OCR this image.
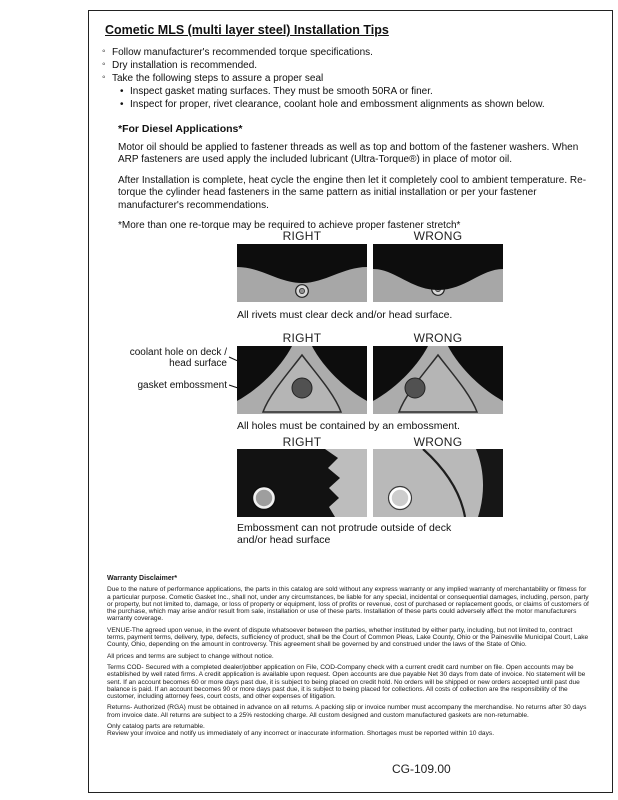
Cometic MLS (multi layer steel) Installation Tips
◦ Follow manufacturer's recommended torque specifications.
◦ Dry installation is recommended.
◦ Take the following steps to assure a proper seal
• Inspect gasket mating surfaces. They must be smooth 50RA or finer.
• Inspect for proper, rivet clearance, coolant hole and embossment alignments as shown below.
*For Diesel Applications*

Motor oil should be applied to fastener threads as well as top and bottom of the fastener washers. When ARP fasteners are used apply the included lubricant (Ultra-Torque®) in place of motor oil.

After Installation is complete, heat cycle the engine then let it completely cool to ambient temperature. Re-torque the cylinder head fasteners in the same pattern as initial installation or per your fastener manufacturer's recommendations.

*More than one re-torque may be required to achieve proper fastener stretch*

RIGHT	WRONG
All rivets must clear deck and/or head surface.
RIGHT	WRONG
coolant hole on deck / head surface
gasket embossment
All holes must be contained by an embossment.
RIGHT	WRONG
Embossment can not protrude outside of deck and/or head surface
Warranty Disclaimer*

Due to the nature of performance applications, the parts in this catalog are sold without any express warranty or any implied warranty of merchantability or fitness for a particular purpose. Cometic Gasket Inc., shall not, under any circumstances, be liable for any special, incidental or consequential damages, including, person, party or property, but not limited to, damage, or loss of property or equipment, loss of profits or revenue, cost of purchased or replacement goods, or claims of customers of the purchase, which may arise and/or result from sale, installation or use of these parts. Installation of these parts could adversely affect the motor manufacturers warranty coverage.

VENUE-The agreed upon venue, in the event of dispute whatsoever between the parties, whether instituted by either party, including, but not limited to, contract terms, payment terms, delivery, type, defects, sufficiency of product, shall be the Court of Common Pleas, Lake County, Ohio or the Painesville Municipal Court, Lake County, Ohio, depending on the amount in controversy. This agreement shall be governed by and construed under the laws of the State of Ohio.

All prices and terms are subject to change without notice.

Terms COD- Secured with a completed dealer/jobber application on File, COD-Company check with a current credit card number on file. Open accounts may be established by well rated firms. A credit application is available upon request. Open accounts are due payable Net 30 days from date of invoice. No statement will be sent. If an account becomes 60 or more days past due, it is subject to being placed on credit hold. No orders will be shipped or new orders accepted until past due balance is paid. If an account becomes 90 or more days past due, it is subject to being placed for collections. All costs of collection are the responsibility of the customer, including attorney fees, court costs, and other expenses of litigation.

Returns- Authorized (RGA) must be obtained in advance on all returns. A packing slip or invoice number must accompany the merchandise. No returns after 30 days from invoice date. All returns are subject to a 25% restocking charge. All custom designed and custom manufactured gaskets are non-returnable.

Only catalog parts are returnable.

Review your invoice and notify us immediately of any incorrect or inaccurate information. Shortages must be reported within 10 days.

CG-109.00
